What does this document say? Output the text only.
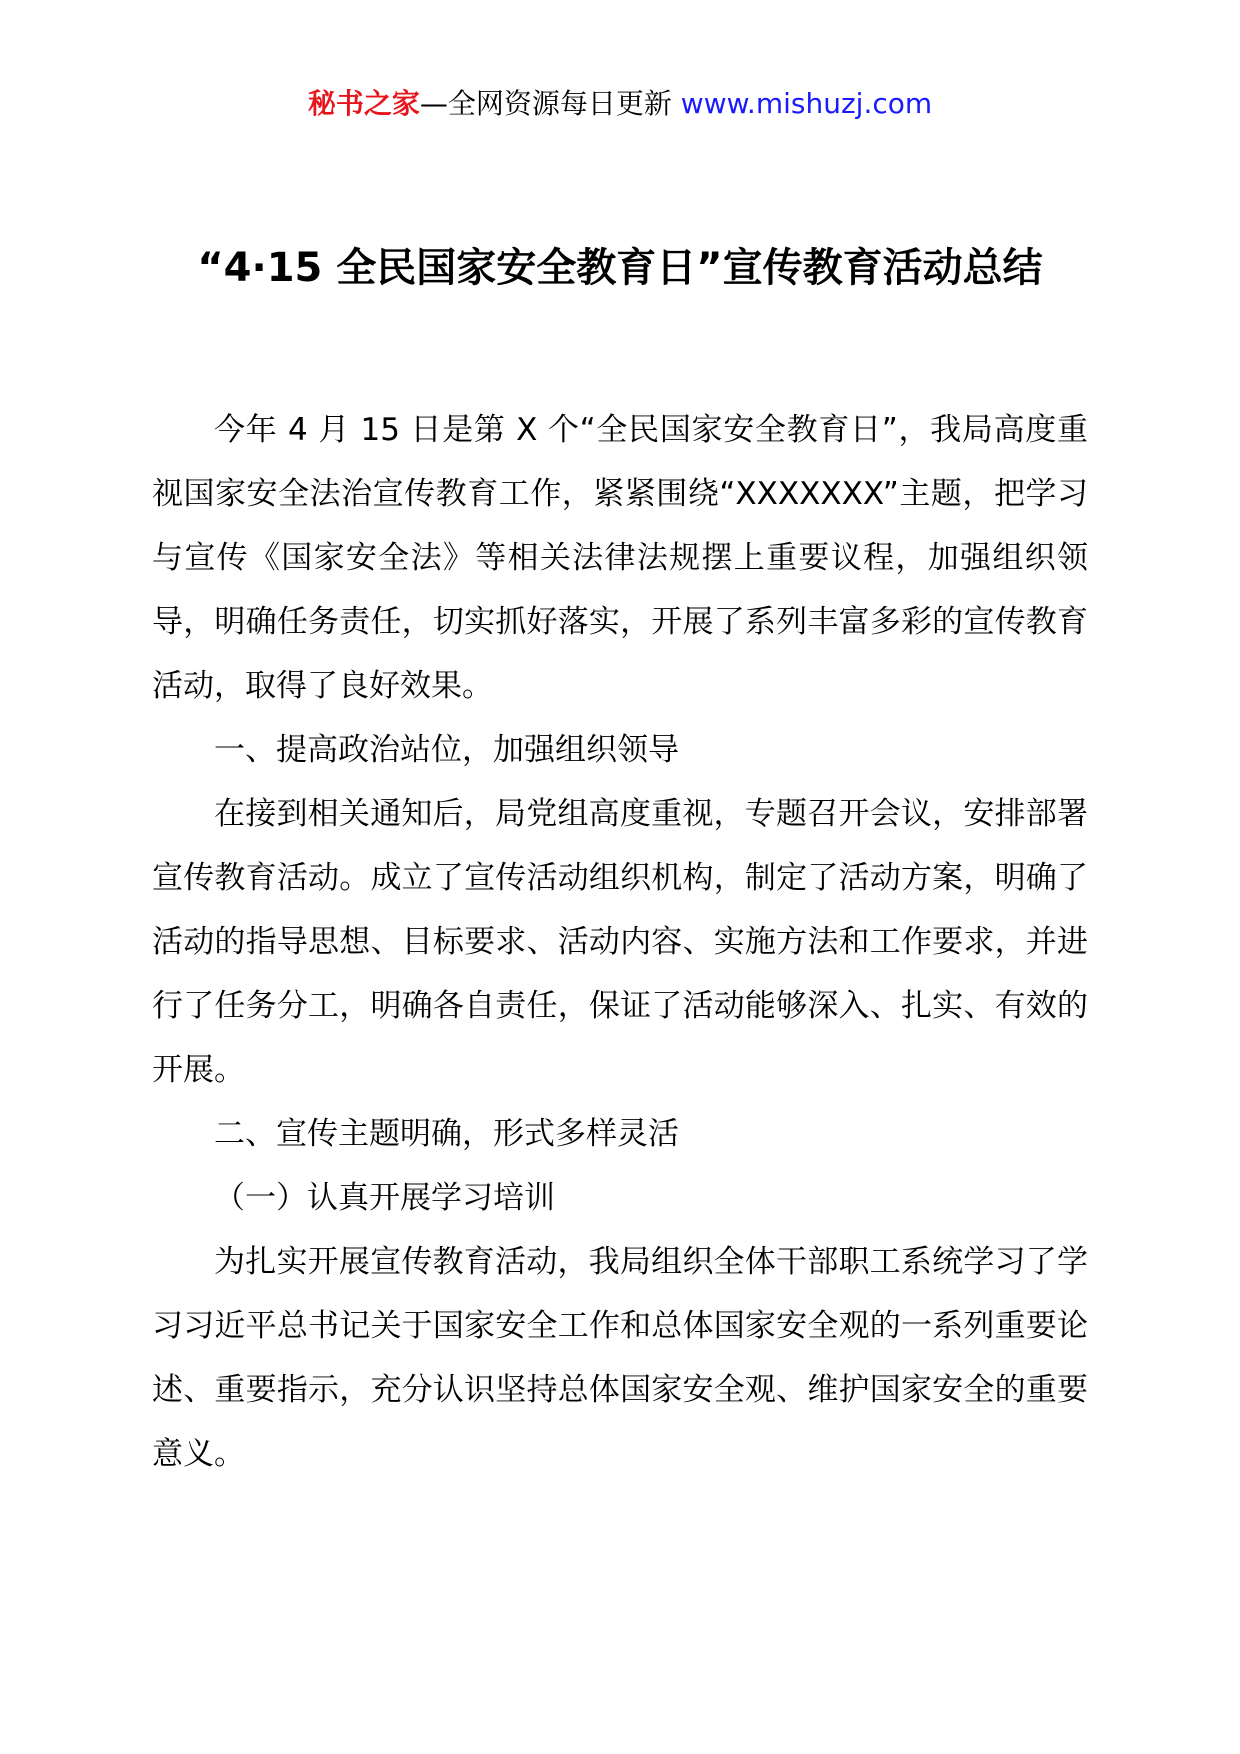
秘书之家—全网资源每日更新 www.mishuzj.com
“4·15 全民国家安全教育日”宣传教育活动总结

今年 4 月 15 日是第 X 个“全民国家安全教育日”，我局高度重视国家安全法治宣传教育工作，紧紧围绕“XXXXXXX”主题，把学习与宣传《国家安全法》等相关法律法规摆上重要议程，加强组织领导，明确任务责任，切实抓好落实，开展了系列丰富多彩的宣传教育活动，取得了良好效果。

一、提高政治站位，加强组织领导

在接到相关通知后，局党组高度重视，专题召开会议，安排部署宣传教育活动。成立了宣传活动组织机构，制定了活动方案，明确了活动的指导思想、目标要求、活动内容、实施方法和工作要求，并进行了任务分工，明确各自责任，保证了活动能够深入、扎实、有效的开展。

二、宣传主题明确，形式多样灵活

（一）认真开展学习培训

为扎实开展宣传教育活动，我局组织全体干部职工系统学习了学习习近平总书记关于国家安全工作和总体国家安全观的一系列重要论述、重要指示，充分认识坚持总体国家安全观、维护国家安全的重要意义。
